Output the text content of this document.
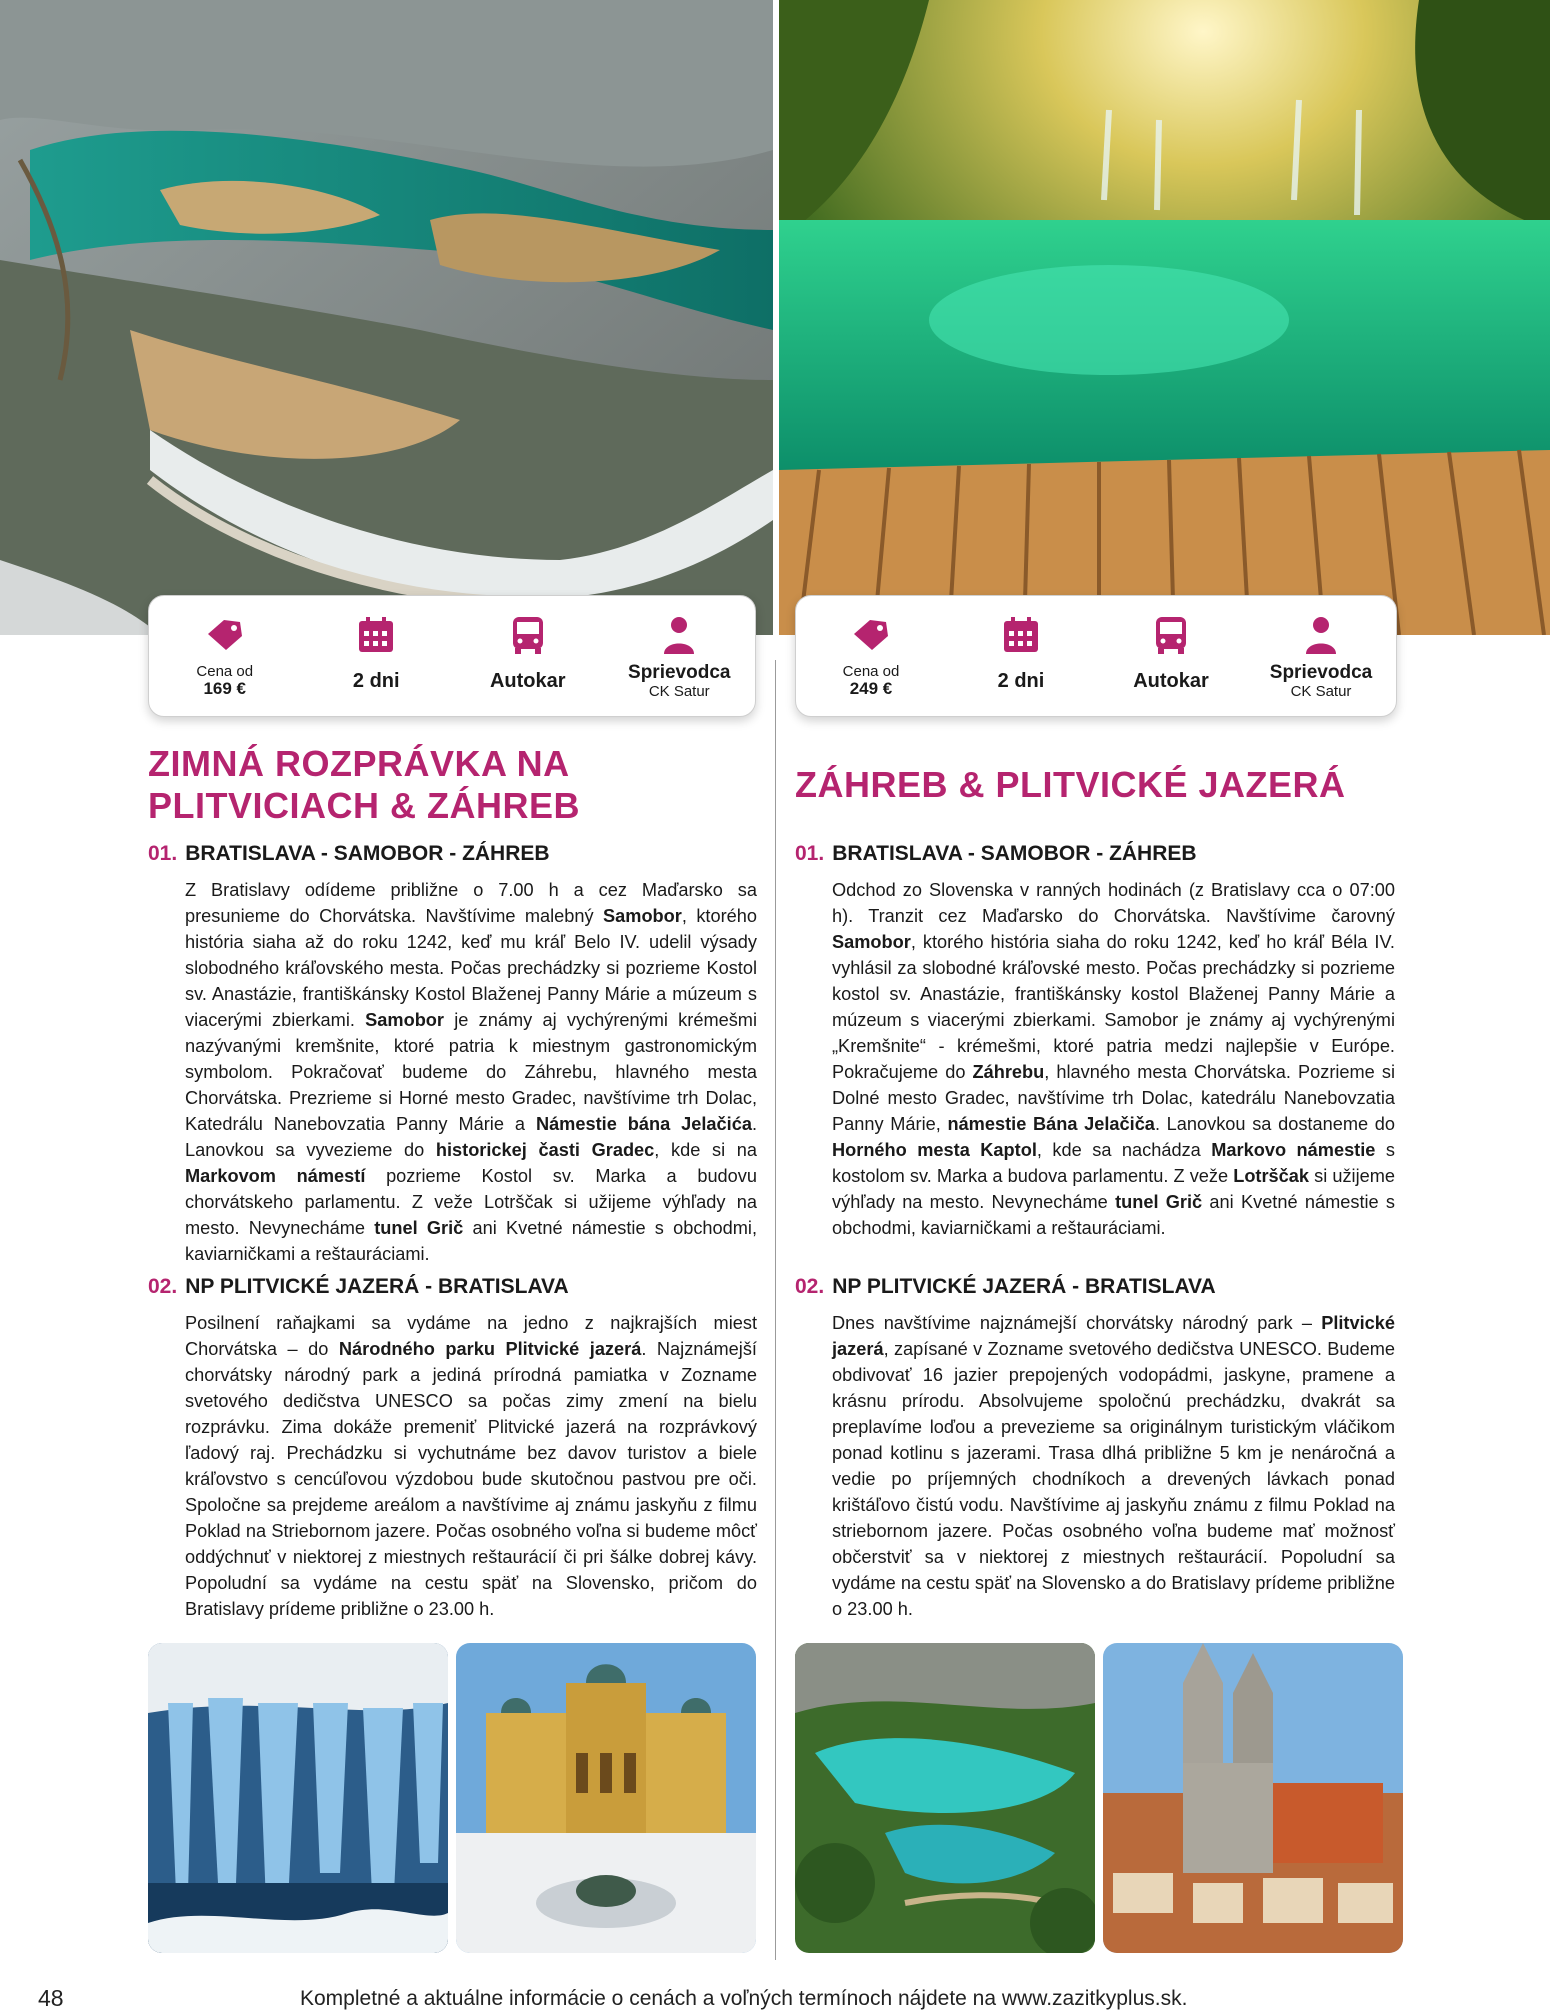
Cena od
169 €	2 dni	Autokar	Sprievodca
CK Satur
ZIMNÁ ROZPRÁVKA NA
PLITVICIACH & ZÁHREB
01. BRATISLAVA - SAMOBOR - ZÁHREB

Z Bratislavy odídeme približne o 7.00 h a cez Maďarsko sa presunieme do Chorvátska. Navštívime malebný Samobor, ktorého história siaha až do roku 1242, keď mu kráľ Belo IV. udelil výsady slobodného kráľovského mesta. Počas prechádzky si pozrieme Kostol sv. Anastázie, františkánsky Kostol Blaženej Panny Márie a múzeum s viacerými zbierkami. Samobor je známy aj vychýrenými krémešmi nazývanými kremšnite, ktoré patria k miestnym gastronomickým symbolom. Pokračovať budeme do Záhrebu, hlavného mesta Chorvátska. Prezrieme si Horné mesto Gradec, navštívime trh Dolac, Katedrálu Nanebovzatia Panny Márie a Námestie bána Jelačića. Lanovkou sa vyvezieme do historickej časti Gradec, kde si na Markovom námestí pozrieme Kostol sv. Marka a budovu chorvátskeho parlamentu. Z veže Lotrščak si užijeme výhľady na mesto. Nevynecháme tunel Grič ani Kvetné námestie s obchodmi, kaviarničkami a reštauráciami.

02. NP PLITVICKÉ JAZERÁ - BRATISLAVA

Posilnení raňajkami sa vydáme na jedno z najkrajších miest Chorvátska – do Národného parku Plitvické jazerá. Najznámejší chorvátsky národný park a jediná prírodná pamiatka v Zozname svetového dedičstva UNESCO sa počas zimy zmení na bielu rozprávku. Zima dokáže premeniť Plitvické jazerá na rozprávkový ľadový raj. Prechádzku si vychutnáme bez davov turistov a biele kráľovstvo s cencúľovou výzdobou bude skutočnou pastvou pre oči. Spoločne sa prejdeme areálom a navštívime aj známu jaskyňu z filmu Poklad na Striebornom jazere. Počas osobného voľna si budeme môcť oddýchnuť v niektorej z miestnych reštaurácií či pri šálke dobrej kávy. Popoludní sa vydáme na cestu späť na Slovensko, pričom do Bratislavy prídeme približne o 23.00 h.

Cena od
249 €	2 dni	Autokar	Sprievodca
CK Satur
ZÁHREB & PLITVICKÉ JAZERÁ
01. BRATISLAVA - SAMOBOR - ZÁHREB

Odchod zo Slovenska v ranných hodinách (z Bratislavy cca o 07:00 h). Tranzit cez Maďarsko do Chorvátska. Navštívime čarovný Samobor, ktorého história siaha do roku 1242, keď ho kráľ Béla IV. vyhlásil za slobodné kráľovské mesto. Počas prechádzky si pozrieme kostol sv. Anastázie, františkánsky kostol Blaženej Panny Márie a múzeum s viacerými zbierkami. Samobor je známy aj vychýrenými „Kremšnite“ - krémešmi, ktoré patria medzi najlepšie v Európe. Pokračujeme do Záhrebu, hlavného mesta Chorvátska. Pozrieme si Dolné mesto Gradec, navštívime trh Dolac, katedrálu Nanebovzatia Panny Márie, námestie Bána Jelačiča. Lanovkou sa dostaneme do Horného mesta Kaptol, kde sa nachádza Markovo námestie s kostolom sv. Marka a budova parlamentu. Z veže Lotrščak si užijeme výhľady na mesto. Nevynecháme tunel Grič ani Kvetné námestie s obchodmi, kaviarničkami a reštauráciami.

02. NP PLITVICKÉ JAZERÁ - BRATISLAVA

Dnes navštívime najznámejší chorvátsky národný park – Plitvické jazerá, zapísané v Zozname svetového dedičstva UNESCO. Budeme obdivovať 16 jazier prepojených vodopádmi, jaskyne, pramene a krásnu prírodu. Absolvujeme spoločnú prechádzku, dvakrát sa preplavíme loďou a prevezieme sa originálnym turistickým vláčikom ponad kotlinu s jazerami. Trasa dlhá približne 5 km je nenáročná a vedie po príjemných chodníkoch a drevených lávkach ponad krištáľovo čistú vodu. Navštívime aj jaskyňu známu z filmu Poklad na striebornom jazere. Počas osobného voľna budeme mať možnosť občerstviť sa v niektorej z miestnych reštaurácií. Popoludní sa vydáme na cestu späť na Slovensko a do Bratislavy prídeme približne o 23.00 h.

48	Kompletné a aktuálne informácie o cenách a voľných termínoch nájdete na www.zazitkyplus.sk.
